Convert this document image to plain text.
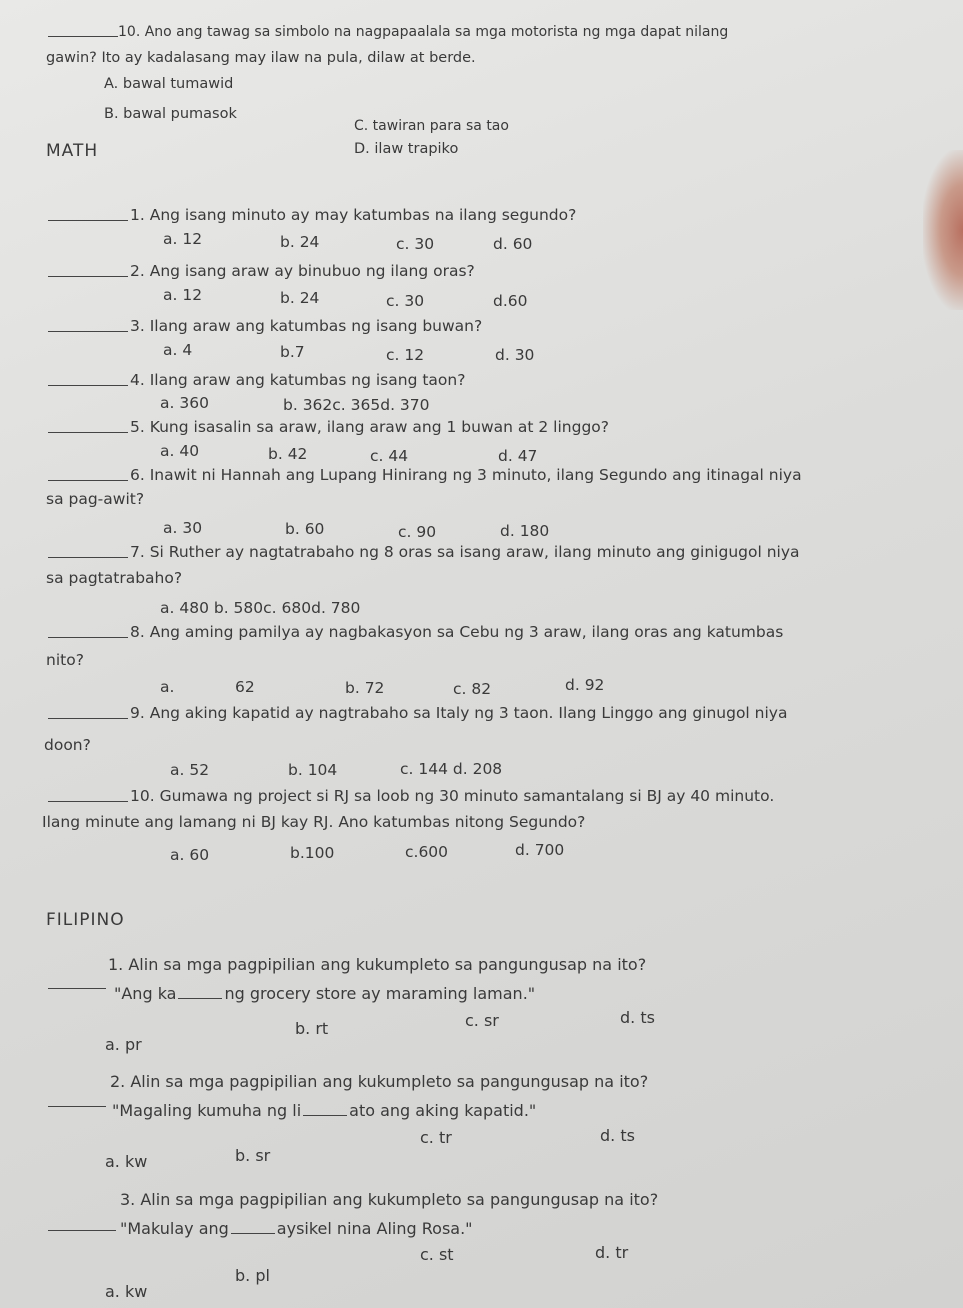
10. Ano ang tawag sa simbolo na nagpapaalala sa mga motorista ng mga dapat nilang
gawin? Ito ay kadalasang may ilaw na pula, dilaw at berde.
A. bawal tumawid
B. bawal pumasok
C. tawiran para sa tao
D. ilaw trapiko
MATH
1. Ang isang minuto ay may katumbas na ilang segundo?
a. 12	b. 24	c. 30	d. 60
2. Ang isang araw ay binubuo ng ilang oras?
a. 12	b. 24	c. 30	d.60
3. Ilang araw ang katumbas ng isang buwan?
a. 4	b.7	c. 12	d. 30
4. Ilang araw ang katumbas ng isang taon?
a. 360	b. 362c. 365d. 370
5. Kung isasalin sa araw, ilang araw ang 1 buwan at 2 linggo?
a. 40	b. 42	c. 44	d. 47
6. Inawit ni Hannah ang Lupang Hinirang ng 3 minuto, ilang Segundo ang itinagal niya
sa pag-awit?
a. 30	b. 60	c. 90	d. 180
7. Si Ruther ay nagtatrabaho ng 8 oras sa isang araw, ilang minuto ang ginigugol niya
sa pagtatrabaho?
a. 480 b. 580c. 680d. 780
8. Ang aming pamilya ay nagbakasyon sa Cebu ng 3 araw, ilang oras ang katumbas
nito?
a.	62	b. 72	c. 82	d. 92
9. Ang aking kapatid ay nagtrabaho sa Italy ng 3 taon. Ilang Linggo ang ginugol niya
doon?
a. 52	b. 104	c. 144 d. 208
10. Gumawa ng project si RJ sa loob ng 30 minuto samantalang si BJ ay 40 minuto.
Ilang minute ang lamang ni BJ kay RJ. Ano katumbas nitong Segundo?
a. 60	b.100	c.600	d. 700
FILIPINO
1. Alin sa mga pagpipilian ang kukumpleto sa pangungusap na ito?
"Ang ka	ng grocery store ay maraming laman."
a. pr
b. rt	c. sr	d. ts
2. Alin sa mga pagpipilian ang kukumpleto sa pangungusap na ito?
"Magaling kumuha ng li	ato ang aking kapatid."
a. kw	b. sr
c. tr	d. ts
3. Alin sa mga pagpipilian ang kukumpleto sa pangungusap na ito?
"Makulay ang	aysikel nina Aling Rosa."
a. kw
b. pl
c. st	d. tr
